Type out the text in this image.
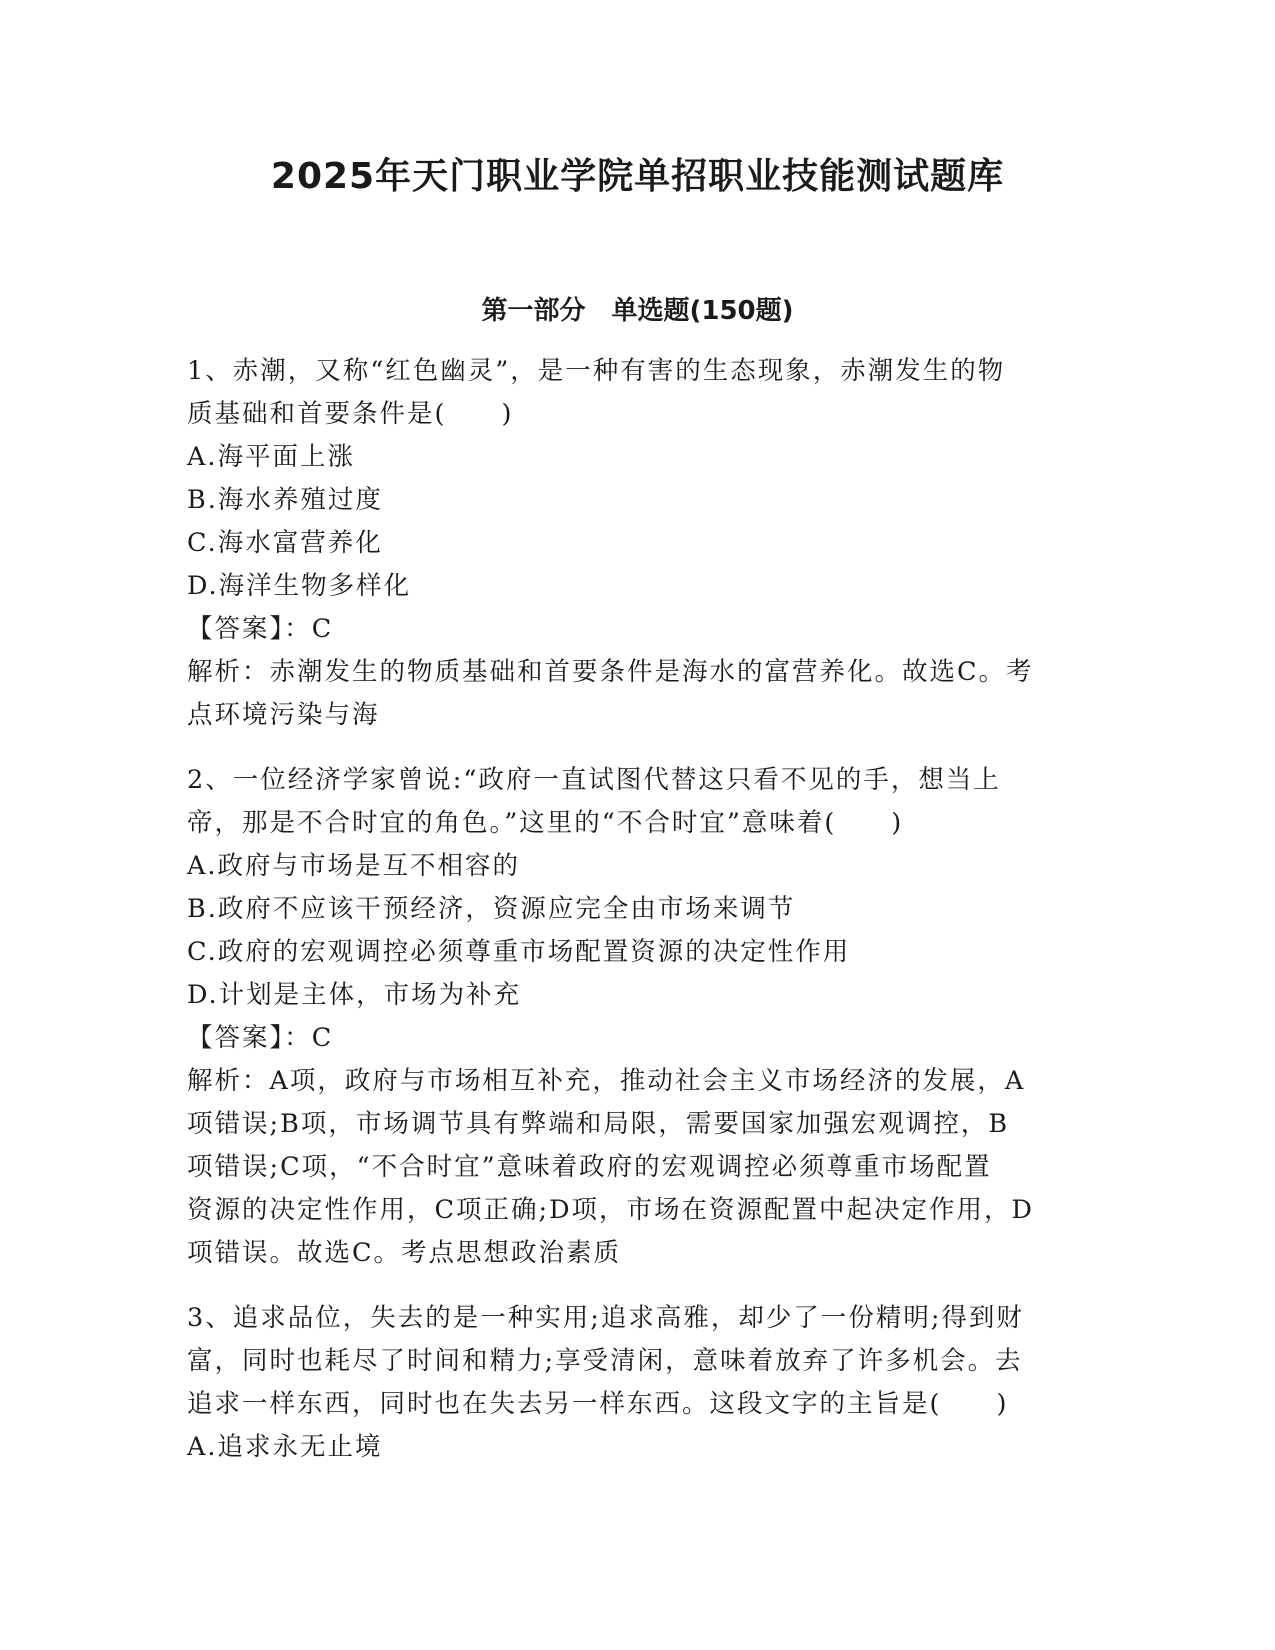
2025年天门职业学院单招职业技能测试题库
第一部分　单选题(150题)
1、赤潮，又称“红色幽灵”，是一种有害的生态现象，赤潮发生的物
质基础和首要条件是(　　)
A.海平面上涨
B.海水养殖过度
C.海水富营养化
D.海洋生物多样化
【答案】：C
解析：赤潮发生的物质基础和首要条件是海水的富营养化。故选C。考
点环境污染与海
2、一位经济学家曾说:“政府一直试图代替这只看不见的手，想当上
帝，那是不合时宜的角色。”这里的“不合时宜”意味着(　　)
A.政府与市场是互不相容的
B.政府不应该干预经济，资源应完全由市场来调节
C.政府的宏观调控必须尊重市场配置资源的决定性作用
D.计划是主体，市场为补充
【答案】：C
解析：A项，政府与市场相互补充，推动社会主义市场经济的发展，A
项错误;B项，市场调节具有弊端和局限，需要国家加强宏观调控，B
项错误;C项，“不合时宜”意味着政府的宏观调控必须尊重市场配置
资源的决定性作用，C项正确;D项，市场在资源配置中起决定作用，D
项错误。故选C。考点思想政治素质
3、追求品位，失去的是一种实用;追求高雅，却少了一份精明;得到财
富，同时也耗尽了时间和精力;享受清闲，意味着放弃了许多机会。去
追求一样东西，同时也在失去另一样东西。这段文字的主旨是(　　)
A.追求永无止境
